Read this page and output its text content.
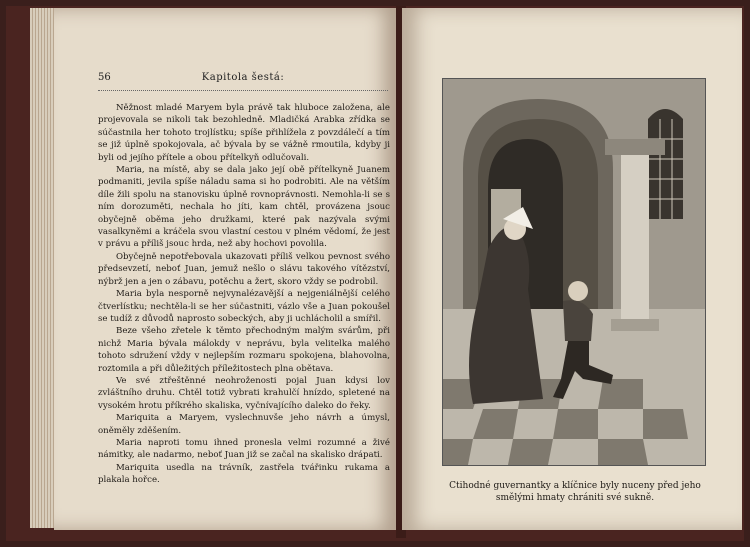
56	Kapitola šestá:

Něžnost mladé Maryem byla právě tak hluboce založena, ale projevovala se nikoli tak bezohledně. Mladičká Arabka zřídka se súčastnila her tohoto trojlístku; spíše přihlížela z povzdálečí a tím se již úplně spokojovala, ač bývala by se vážně rmoutila, kdyby ji byli od jejího přítele a obou přítelkyň odlučovali.

Maria, na místě, aby se dala jako její obě přítelkyně Juanem podmaniti, jevila spíše náladu sama si ho podrobiti. Ale na větším díle žili spolu na stanovisku úplně rovnoprávnosti. Nemohla-li se s ním dorozuměti, nechala ho jíti, kam chtěl, provázena jsouc obyčejně oběma jeho družkami, které pak nazývala svými vasalkyněmi a kráčela svou vlastní cestou v plném vědomí, že jest v právu a příliš jsouc hrda, než aby hochovi povolila.

Obyčejně nepotřebovala ukazovati příliš velkou pevnost svého předsevzetí, neboť Juan, jemuž nešlo o slávu takového vítězství, nýbrž jen a jen o zábavu, potěchu a žert, skoro vždy se podrobil.

Maria byla nesporně nejvynalézavější a nejgeniálnější celého čtverlístku; nechtěla-li se her súčastniti, vázlo vše a Juan pokoušel se tudíž z důvodů naprosto sobeckých, aby ji uchlácholil a smířil.

Beze všeho zřetele k těmto přechodným malým svárům, při nichž Maria bývala málokdy v neprávu, byla velitelka malého tohoto sdružení vždy v nejlepším rozmaru spokojena, blahovolna, roztomila a při důležitých příležitostech plna obětava.

Ve své ztřeštěnné neohroženosti pojal Juan kdysi lov zvláštního druhu. Chtěl totiž vybrati krahulčí hnízdo, spletené na vysokém hrotu příkrého skaliska, vyčnívajícího daleko do řeky.

Mariquita a Maryem, vyslechnuvše jeho návrh a úmysl, oněměly zděšením.

Maria naproti tomu ihned pronesla velmi rozumné a živé námitky, ale nadarmo, neboť Juan již se začal na skalisko drápati.

Mariquita usedla na trávník, zastřela tvářinku rukama a plakala hořce.

Ctihodné guvernantky a klíčnice byly nuceny před jeho smělými hmaty chrániti své sukně.
